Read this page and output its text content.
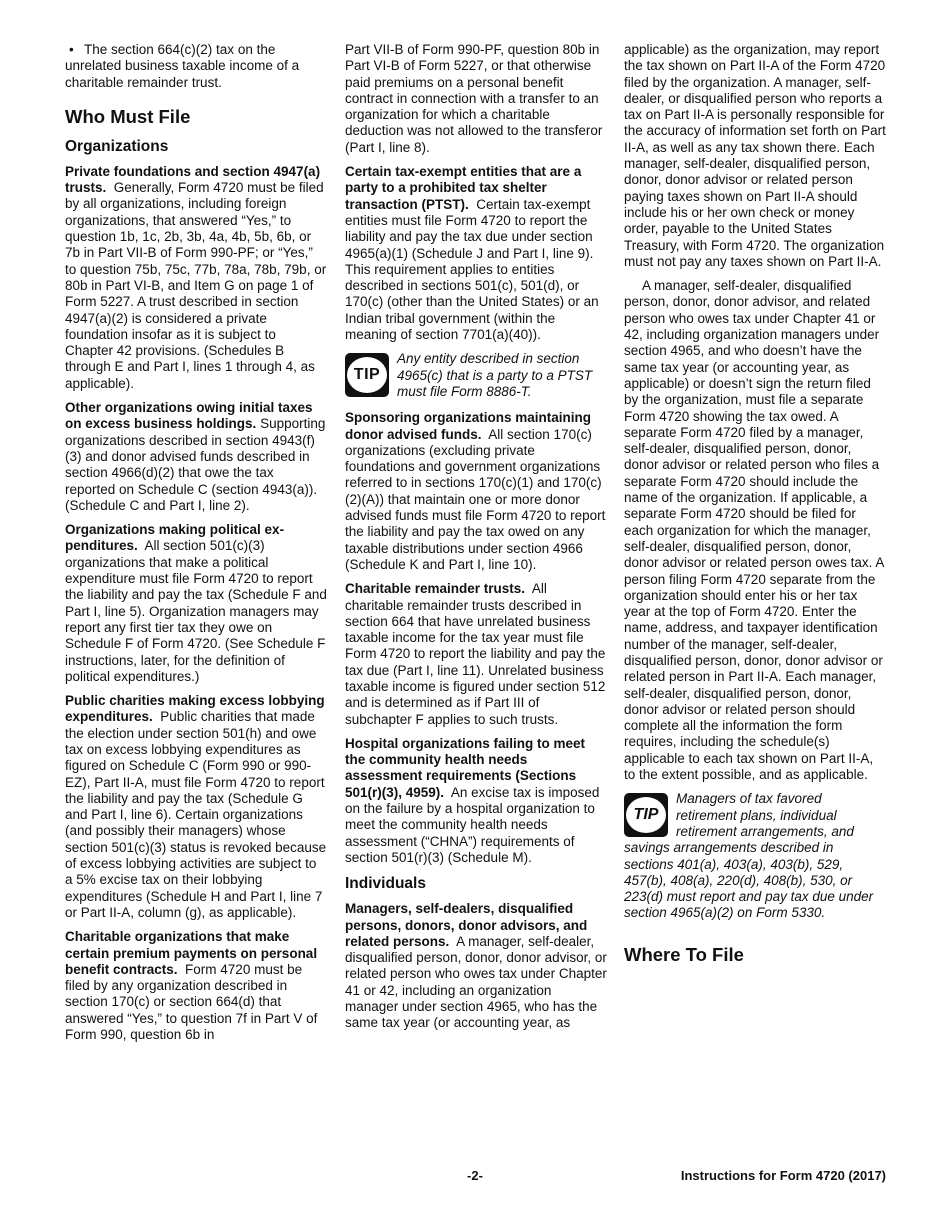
• The section 664(c)(2) tax on the unrelated business taxable income of a charitable remainder trust.

Who Must File
Organizations

Private foundations and section 4947(a) trusts. Generally, Form 4720 must be filed by all organizations, including foreign organizations, that answered “Yes,” to question 1b, 1c, 2b, 3b, 4a, 4b, 5b, 6b, or 7b in Part VII-B of Form 990-PF; or “Yes,” to question 75b, 75c, 77b, 78a, 78b, 79b, or 80b in Part VI-B, and Item G on page 1 of Form 5227. A trust described in section 4947(a)(2) is considered a private foundation insofar as it is subject to Chapter 42 provisions. (Schedules B through E and Part I, lines 1 through 4, as applicable).

Other organizations owing initial taxes on excess business holdings. Supporting organizations described in section 4943(f)(3) and donor advised funds described in section 4966(d)(2) that owe the tax reported on Schedule C (section 4943(a)). (Schedule C and Part I, line 2).

Organizations making political expenditures. All section 501(c)(3) organizations that make a political expenditure must file Form 4720 to report the liability and pay the tax (Schedule F and Part I, line 5). Organization managers may report any first tier tax they owe on Schedule F of Form 4720. (See Schedule F instructions, later, for the definition of political expenditures.)

Public charities making excess lobbying expenditures. Public charities that made the election under section 501(h) and owe tax on excess lobbying expenditures as figured on Schedule C (Form 990 or 990-EZ), Part II-A, must file Form 4720 to report the liability and pay the tax (Schedule G and Part I, line 6). Certain organizations (and possibly their managers) whose section 501(c)(3) status is revoked because of excess lobbying activities are subject to a 5% excise tax on their lobbying expenditures (Schedule H and Part I, line 7 or Part II-A, column (g), as applicable).

Charitable organizations that make certain premium payments on personal benefit contracts. Form 4720 must be filed by any organization described in section 170(c) or section 664(d) that answered “Yes,” to question 7f in Part V of Form 990, question 6b in

Part VII-B of Form 990-PF, question 80b in Part VI-B of Form 5227, or that otherwise paid premiums on a personal benefit contract in connection with a transfer to an organization for which a charitable deduction was not allowed to the transferor (Part I, line 8).

Certain tax-exempt entities that are a party to a prohibited tax shelter transaction (PTST). Certain tax-exempt entities must file Form 4720 to report the liability and pay the tax due under section 4965(a)(1) (Schedule J and Part I, line 9). This requirement applies to entities described in sections 501(c), 501(d), or 170(c) (other than the United States) or an Indian tribal government (within the meaning of section 7701(a)(40)).

TIP
Any entity described in section 4965(c) that is a party to a PTST must file Form 8886-T.

Sponsoring organizations maintaining donor advised funds. All section 170(c) organizations (excluding private foundations and government organizations referred to in sections 170(c)(1) and 170(c)(2)(A)) that maintain one or more donor advised funds must file Form 4720 to report the liability and pay the tax owed on any taxable distributions under section 4966 (Schedule K and Part I, line 10).

Charitable remainder trusts. All charitable remainder trusts described in section 664 that have unrelated business taxable income for the tax year must file Form 4720 to report the liability and pay the tax due (Part I, line 11). Unrelated business taxable income is figured under section 512 and is determined as if Part III of subchapter F applies to such trusts.

Hospital organizations failing to meet the community health needs assessment requirements (Sections 501(r)(3), 4959). An excise tax is imposed on the failure by a hospital organization to meet the community health needs assessment (“CHNA”) requirements of section 501(r)(3) (Schedule M).

Individuals

Managers, self-dealers, disqualified persons, donors, donor advisors, and related persons. A manager, self-dealer, disqualified person, donor, donor advisor, or related person who owes tax under Chapter 41 or 42, including an organization manager under section 4965, who has the same tax year (or accounting year, as

applicable) as the organization, may report the tax shown on Part II-A of the Form 4720 filed by the organization. A manager, self-dealer, or disqualified person who reports a tax on Part II-A is personally responsible for the accuracy of information set forth on Part II-A, as well as any tax shown there. Each manager, self-dealer, disqualified person, donor, donor advisor or related person paying taxes shown on Part II-A should include his or her own check or money order, payable to the United States Treasury, with Form 4720. The organization must not pay any taxes shown on Part II-A.

A manager, self-dealer, disqualified person, donor, donor advisor, and related person who owes tax under Chapter 41 or 42, including organization managers under section 4965, and who doesn’t have the same tax year (or accounting year, as applicable) or doesn’t sign the return filed by the organization, must file a separate Form 4720 showing the tax owed. A separate Form 4720 filed by a manager, self-dealer, disqualified person, donor, donor advisor or related person who files a separate Form 4720 should include the name of the organization. If applicable, a separate Form 4720 should be filed for each organization for which the manager, self-dealer, disqualified person, donor, donor advisor or related person owes tax. A person filing Form 4720 separate from the organization should enter his or her tax year at the top of Form 4720. Enter the name, address, and taxpayer identification number of the manager, self-dealer, disqualified person, donor, donor advisor or related person in Part II-A. Each manager, self-dealer, disqualified person, donor, donor advisor or related person should complete all the information the form requires, including the schedule(s) applicable to each tax shown on Part II-A, to the extent possible, and as applicable.

TIP
Managers of tax favored retirement plans, individual retirement arrangements, and savings arrangements described in sections 401(a), 403(a), 403(b), 529, 457(b), 408(a), 220(d), 408(b), 530, or 223(d) must report and pay tax due under section 4965(a)(2) on Form 5330.
Where To File
-2-	Instructions for Form 4720 (2017)
